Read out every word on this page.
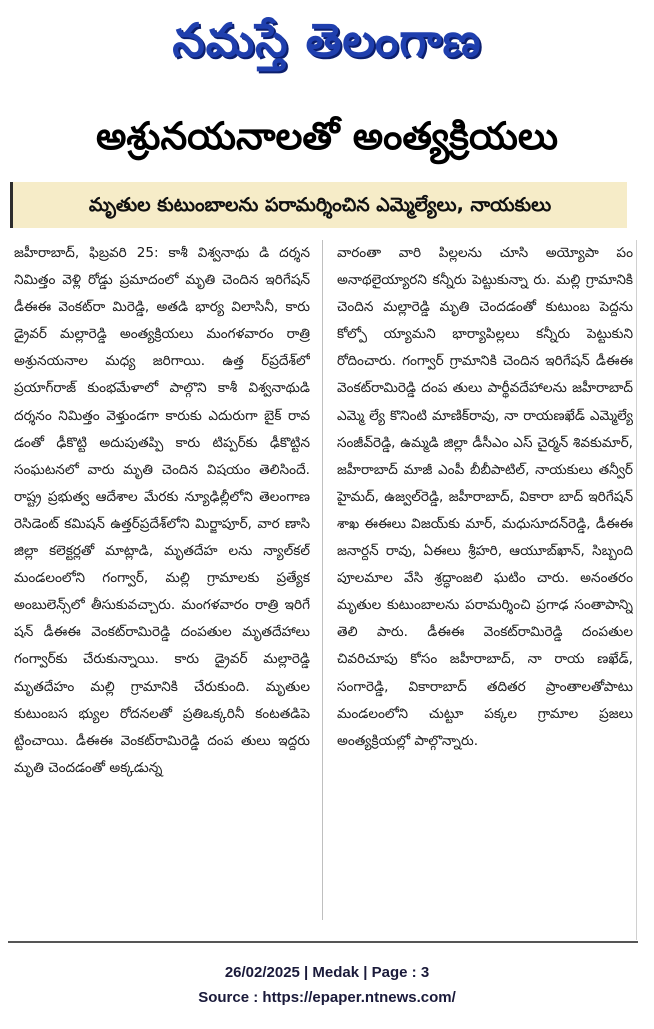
నమస్తే తెలంగాణ
అశ్రునయనాలతో అంత్యక్రియలు
మృతుల కుటుంబాలను పరామర్శించిన ఎమ్మెల్యేలు, నాయకులు
జహీరాబాద్, ఫిబ్రవరి 25: కాశీ విశ్వనాథు డి దర్శన నిమిత్తం వెళ్లి రోడ్డు ప్రమాదంలో మృతి చెందిన ఇరిగేషన్ డీఈఈ వెంకట్‌రా మిరెడ్డి, అతడి భార్య విలాసినీ, కారు డ్రైవర్ మల్లారెడ్డి అంత్యక్రియలు మంగళవారం రాత్రి అశ్రునయనాల మధ్య జరిగాయి. ఉత్త ర్‌ప్రదేశ్‌లో ప్రయాగ్‌రాజ్ కుంభమేళాలో పాల్గొని కాశీ విశ్వనాథుడి దర్శనం నిమిత్తం వెళ్తుండగా కారుకు ఎదురుగా బైక్ రావ డంతో ఢీకొట్టి అదుపుతప్పి కారు టిప్పర్‌కు ఢీకొట్టిన సంఘటనలో వారు మృతి చెందిన విషయం తెలిసిందే. రాష్ట్ర ప్రభుత్వ ఆదేశాల మేరకు న్యూఢిల్లీలోని తెలంగాణ రెసిడెంట్ కమిషన్ ఉత్తర్‌ప్రదేశ్‌లోని మిర్జాపూర్, వార ణాసి జిల్లా కలెక్టర్లతో మాట్లాడి, మృతదేహ లను న్యాల్‌కల్ మండలంలోని గంగ్వార్, మల్లి గ్రామాలకు ప్రత్యేక అంబులెన్స్‌లో తీసుకువచ్చారు. మంగళవారం రాత్రి ఇరిగే షన్ డీఈఈ వెంకట్‌రామిరెడ్డి దంపతుల మృతదేహాలు గంగ్వార్‌కు చేరుకున్నాయి. కారు డ్రైవర్ మల్లారెడ్డి మృతదేహం మల్లి గ్రామానికి చేరుకుంది. మృతుల కుటుంబస భ్యుల రోదనలతో ప్రతిఒక్కరినీ కంటతడిపె ట్టించాయి. డీఈఈ వెంకట్‌రామిరెడ్డి దంప తులు ఇద్దరు మృతి చెందడంతో అక్కడున్న
వారంతా వారి పిల్లలను చూసి అయ్యోపా పం అనాథలైయ్యారని కన్నీరు పెట్టుకున్నా రు. మల్లి గ్రామానికి చెందిన మల్లారెడ్డి మృతి చెందడంతో కుటుంబ పెద్దను కోల్పో య్యామని భార్యాపిల్లలు కన్నీరు పెట్టుకుని రోదించారు. గంగ్వార్ గ్రామానికి చెందిన ఇరిగేషన్ డీఈఈ వెంకట్‌రామిరెడ్డి దంప తులు పార్థీవదేహాలను జహీరాబాద్ ఎమ్మె ల్యే కొనింటి మాణిక్‌రావు, నా రాయణఖేడ్ ఎమ్మెల్యే సంజీవ్‌రెడ్డి, ఉమ్మడి జిల్లా డీసీఎం ఎస్ చైర్మన్ శివకుమార్, జహీరాబాద్ మాజీ ఎంపీ బీబీపాటిల్, నాయకులు తన్వీర్ హైమద్, ఉజ్వల్‌రెడ్డి, జహీరాబాద్, వికారా బాద్ ఇరిగేషన్ శాఖ ఈఈలు విజయ్‌కు మార్, మధుసూదన్‌రెడ్డి, డీఈఈ జనార్దన్ రావు, ఏఈలు శ్రీహరి, ఆయూబ్‌ఖాన్, సిబ్బంది పూలమాల వేసి శ్రద్ధాంజలి ఘటిం చారు. అనంతరం మృతుల కుటుంబాలను పరామర్శించి ప్రగాఢ సంతాపాన్ని తెలి పారు. డీఈఈ వెంకట్‌రామిరెడ్డి దంపతుల చివరిచూపు కోసం జహీరాబాద్, నా రాయ ణఖేడ్, సంగారెడ్డి, వికారాబాద్ తదితర ప్రాంతాలతోపాటు మండలంలోని చుట్టూ పక్కల గ్రామాల ప్రజలు అంత్యక్రియల్లో పాల్గొన్నారు.
26/02/2025 | Medak | Page : 3
Source : https://epaper.ntnews.com/
